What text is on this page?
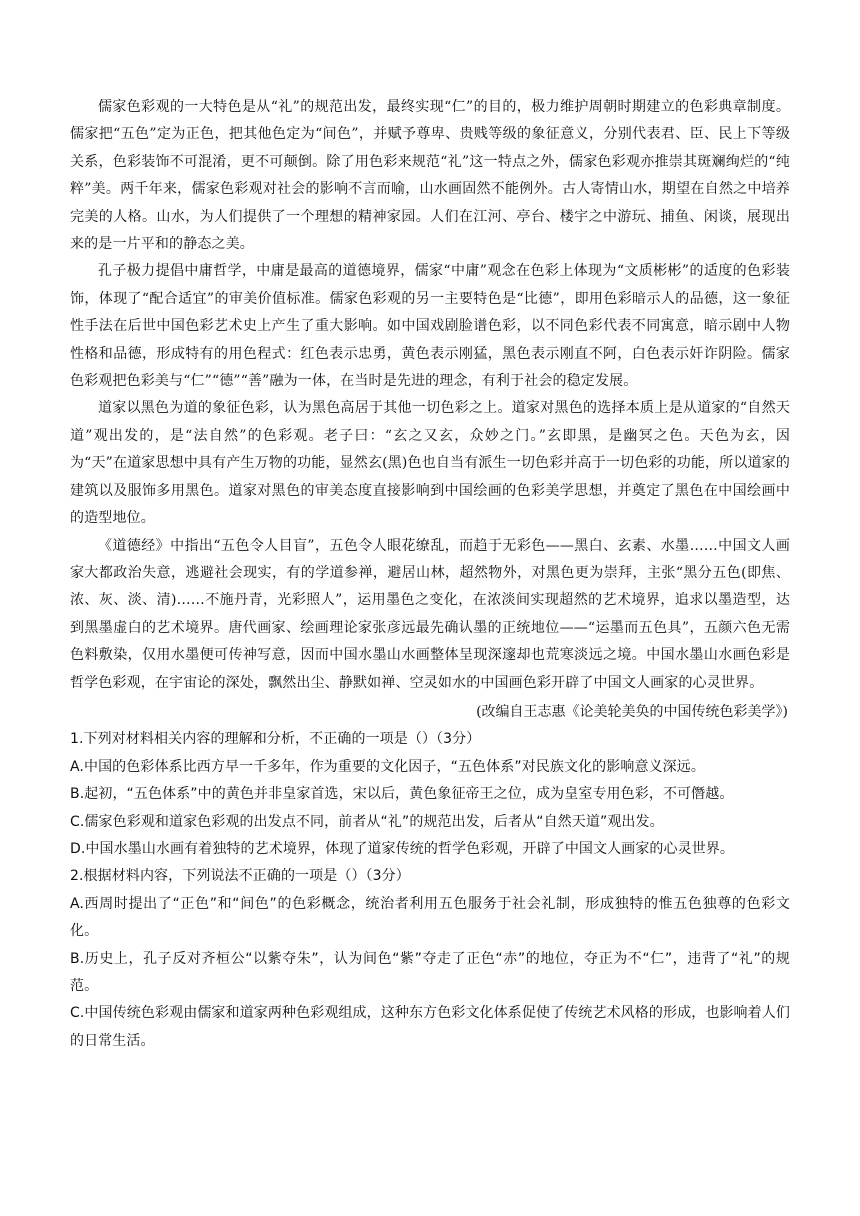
儒家色彩观的一大特色是从“礼”的规范出发，最终实现“仁”的目的，极力维护周朝时期建立的色彩典章制度。儒家把“五色”定为正色，把其他色定为“间色”，并赋予尊卑、贵贱等级的象征意义，分别代表君、臣、民上下等级关系，色彩装饰不可混淆，更不可颠倒。除了用色彩来规范“礼”这一特点之外，儒家色彩观亦推崇其斑斓绚烂的“纯粹”美。两千年来，儒家色彩观对社会的影响不言而喻，山水画固然不能例外。古人寄情山水，期望在自然之中培养完美的人格。山水，为人们提供了一个理想的精神家园。人们在江河、亭台、楼宇之中游玩、捕鱼、闲谈，展现出来的是一片平和的静态之美。

孔子极力提倡中庸哲学，中庸是最高的道德境界，儒家“中庸”观念在色彩上体现为“文质彬彬”的适度的色彩装饰，体现了“配合适宜”的审美价值标准。儒家色彩观的另一主要特色是“比德”，即用色彩暗示人的品德，这一象征性手法在后世中国色彩艺术史上产生了重大影响。如中国戏剧脸谱色彩，以不同色彩代表不同寓意，暗示剧中人物性格和品德，形成特有的用色程式：红色表示忠勇，黄色表示刚猛，黑色表示刚直不阿，白色表示奸诈阴险。儒家色彩观把色彩美与“仁”“德”“善”融为一体，在当时是先进的理念，有利于社会的稳定发展。

道家以黑色为道的象征色彩，认为黑色高居于其他一切色彩之上。道家对黑色的选择本质上是从道家的“自然天道”观出发的，是“法自然”的色彩观。老子曰：“玄之又玄，众妙之门。”玄即黑，是幽冥之色。天色为玄，因为“天”在道家思想中具有产生万物的功能，显然玄(黑)色也自当有派生一切色彩并高于一切色彩的功能，所以道家的建筑以及服饰多用黑色。道家对黑色的审美态度直接影响到中国绘画的色彩美学思想，并奠定了黑色在中国绘画中的造型地位。

《道德经》中指出“五色令人目盲”，五色令人眼花缭乱，而趋于无彩色——黑白、玄素、水墨……中国文人画家大都政治失意，逃避社会现实，有的学道参禅，避居山林，超然物外，对黑色更为崇拜，主张“黑分五色(即焦、浓、灰、淡、清)……不施丹青，光彩照人”，运用墨色之变化，在浓淡间实现超然的艺术境界，追求以墨造型，达到黑墨虚白的艺术境界。唐代画家、绘画理论家张彦远最先确认墨的正统地位——“运墨而五色具”，五颜六色无需色料敷染，仅用水墨便可传神写意，因而中国水墨山水画整体呈现深邃却也荒寒淡远之境。中国水墨山水画色彩是哲学色彩观，在宇宙论的深处，飘然出尘、静默如禅、空灵如水的中国画色彩开辟了中国文人画家的心灵世界。

(改编自王志惠《论美轮美奂的中国传统色彩美学》)

1.下列对材料相关内容的理解和分析，不正确的一项是（）（3分）

A.中国的色彩体系比西方早一千多年，作为重要的文化因子，“五色体系”对民族文化的影响意义深远。

B.起初，“五色体系”中的黄色并非皇家首选，宋以后，黄色象征帝王之位，成为皇室专用色彩，不可僭越。

C.儒家色彩观和道家色彩观的出发点不同，前者从“礼”的规范出发，后者从“自然天道”观出发。

D.中国水墨山水画有着独特的艺术境界，体现了道家传统的哲学色彩观，开辟了中国文人画家的心灵世界。

2.根据材料内容，下列说法不正确的一项是（）（3分）

A.西周时提出了“正色”和“间色”的色彩概念，统治者利用五色服务于社会礼制，形成独特的惟五色独尊的色彩文化。

B.历史上，孔子反对齐桓公“以紫夺朱”，认为间色“紫”夺走了正色“赤”的地位，夺正为不“仁”，违背了“礼”的规范。

C.中国传统色彩观由儒家和道家两种色彩观组成，这种东方色彩文化体系促使了传统艺术风格的形成，也影响着人们的日常生活。
